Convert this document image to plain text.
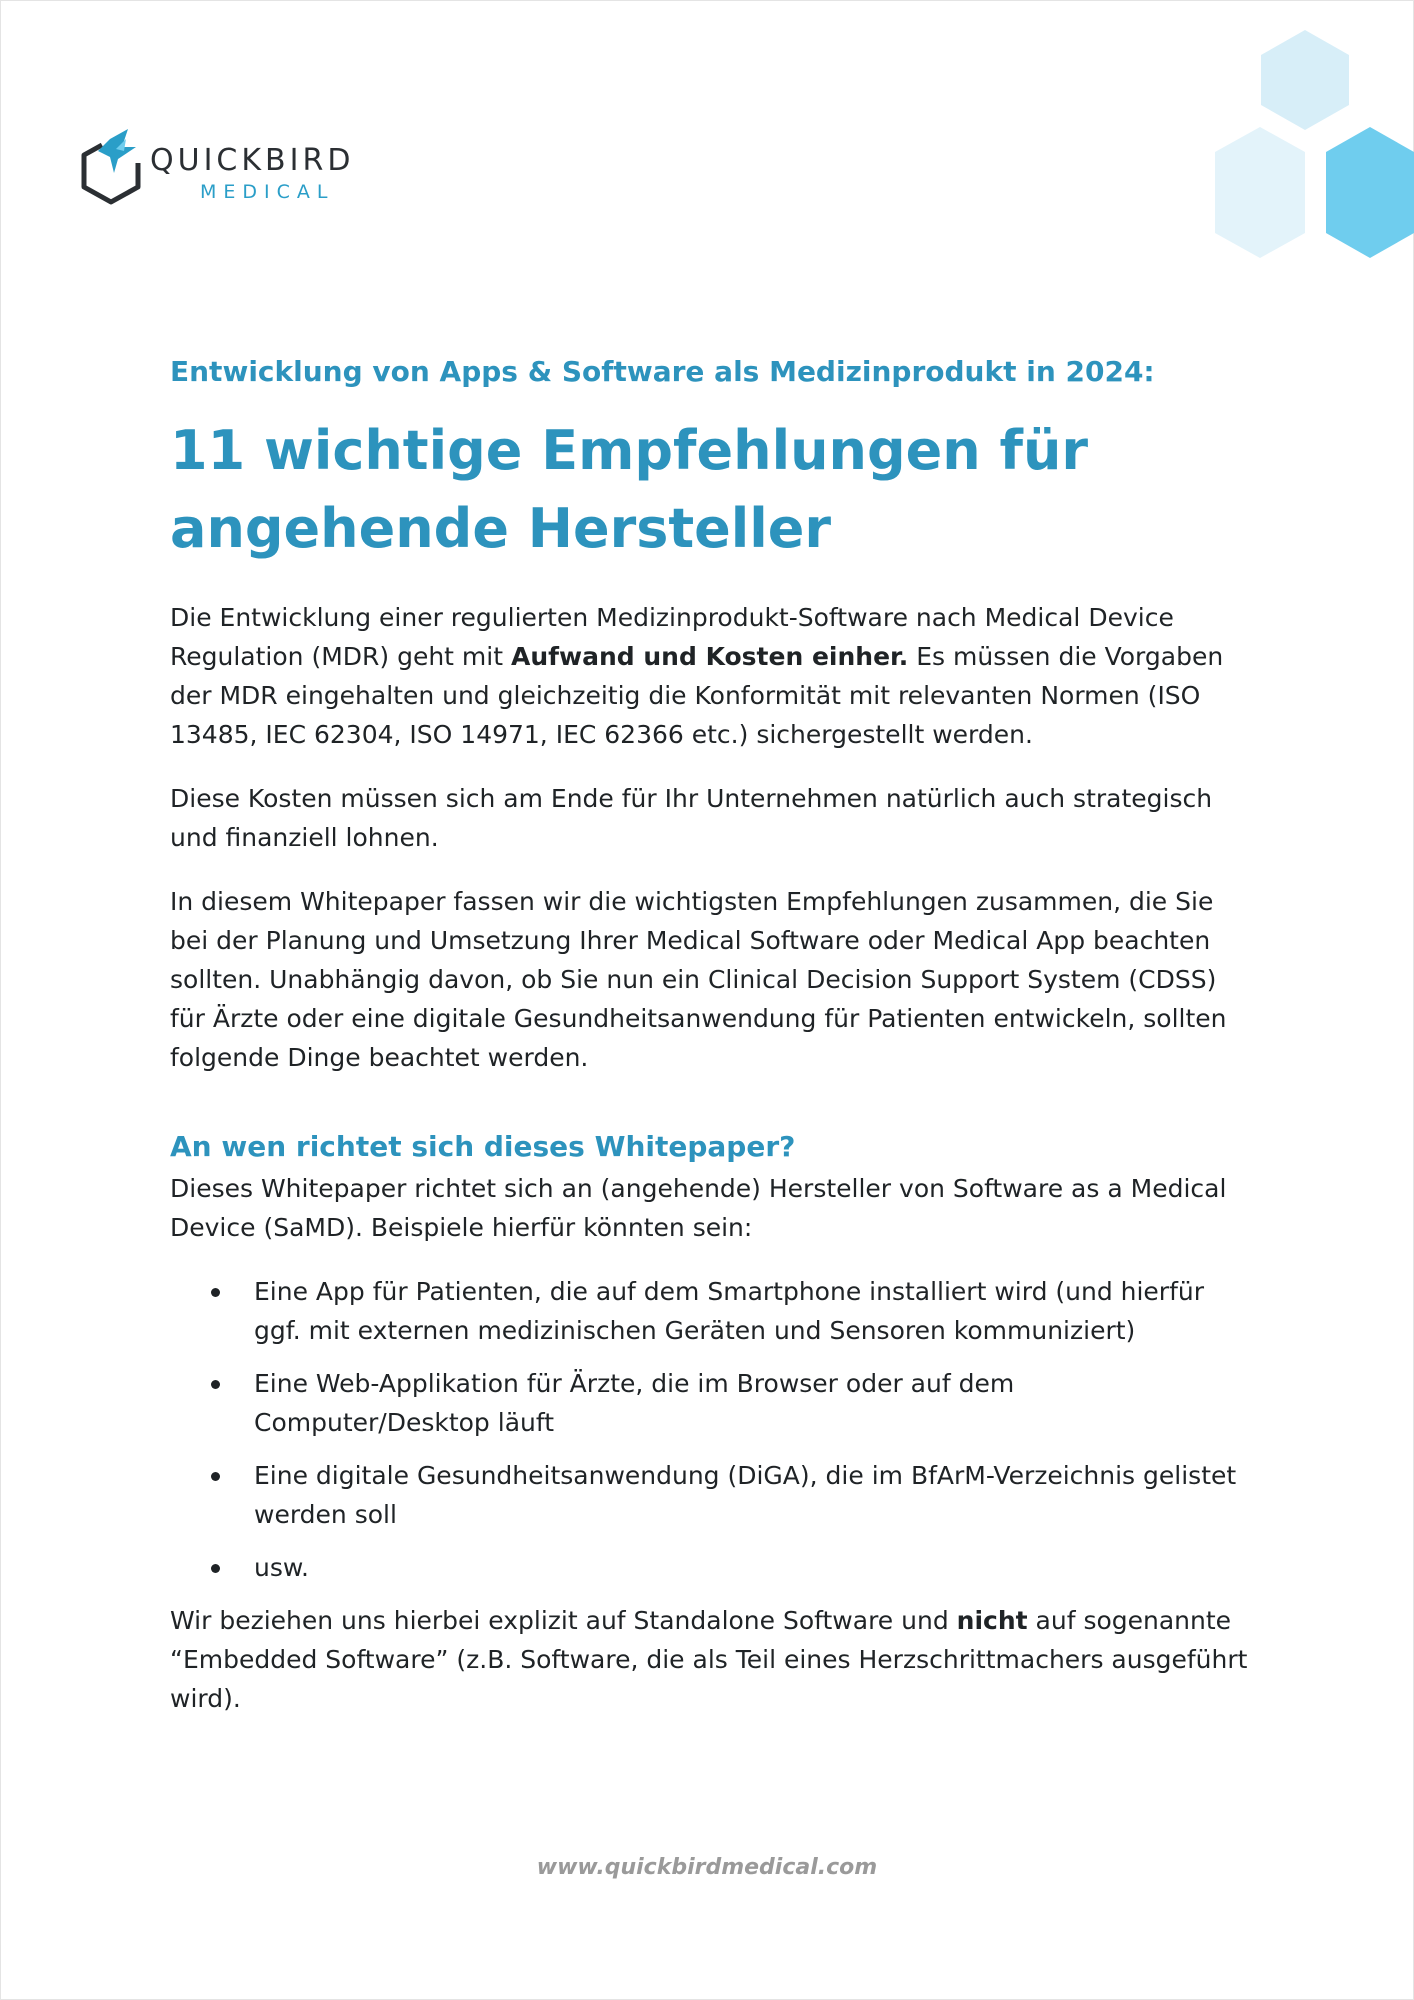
QUICKBIRD
MEDICAL
Entwicklung von Apps & Software als Medizinprodukt in 2024:
11 wichtige Empfehlungen für
angehende Hersteller

Die Entwicklung einer regulierten Medizinprodukt-Software nach Medical Device Regulation (MDR) geht mit Aufwand und Kosten einher. Es müssen die Vorgaben der MDR eingehalten und gleichzeitig die Konformität mit relevanten Normen (ISO 13485, IEC 62304, ISO 14971, IEC 62366 etc.) sichergestellt werden.

Diese Kosten müssen sich am Ende für Ihr Unternehmen natürlich auch strategisch und finanziell lohnen.

In diesem Whitepaper fassen wir die wichtigsten Empfehlungen zusammen, die Sie bei der Planung und Umsetzung Ihrer Medical Software oder Medical App beachten sollten. Unabhängig davon, ob Sie nun ein Clinical Decision Support System (CDSS) für Ärzte oder eine digitale Gesundheitsanwendung für Patienten entwickeln, sollten folgende Dinge beachtet werden.

An wen richtet sich dieses Whitepaper?

Dieses Whitepaper richtet sich an (angehende) Hersteller von Software as a Medical Device (SaMD). Beispiele hierfür könnten sein:

Eine App für Patienten, die auf dem Smartphone installiert wird (und hierfür ggf. mit externen medizinischen Geräten und Sensoren kommuniziert)
Eine Web-Applikation für Ärzte, die im Browser oder auf dem Computer/Desktop läuft
Eine digitale Gesundheitsanwendung (DiGA), die im BfArM-Verzeichnis gelistet werden soll
usw.

Wir beziehen uns hierbei explizit auf Standalone Software und nicht auf sogenannte “Embedded Software” (z.B. Software, die als Teil eines Herzschrittmachers ausgeführt wird).

www.quickbirdmedical.com
